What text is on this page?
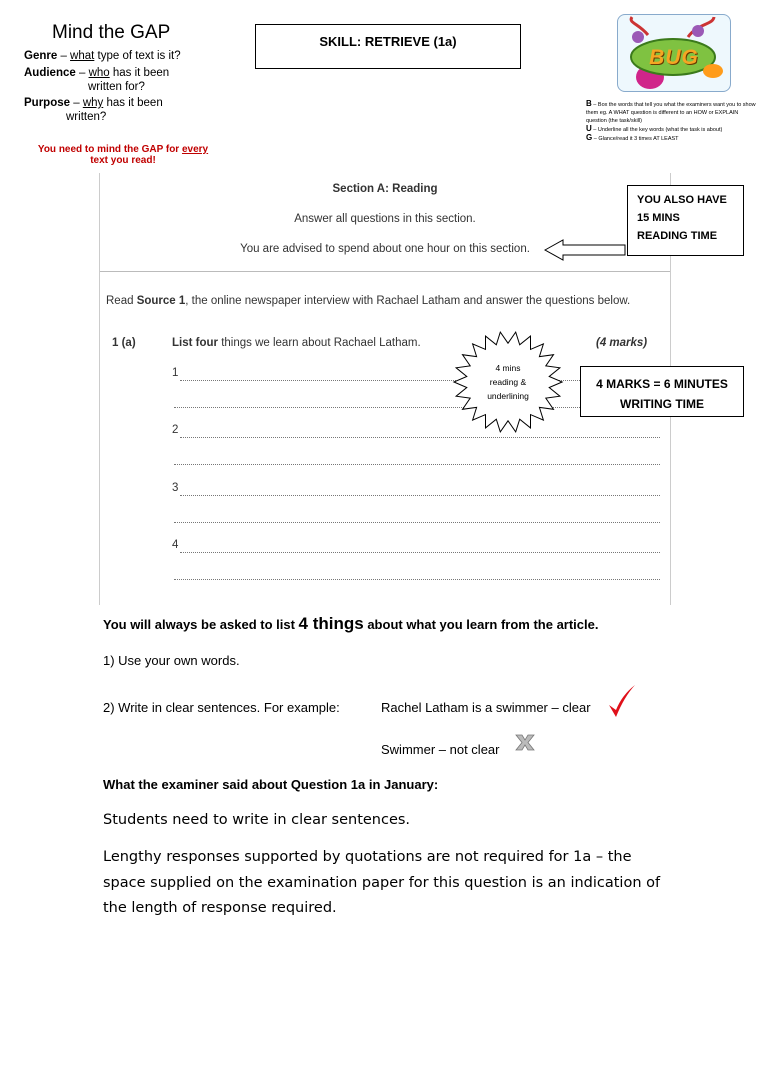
Mind the GAP
Genre – what type of text is it?
Audience – who has it been
written for?
Purpose – why has it been
written?
You need to mind the GAP for every
text you read!
SKILL: RETRIEVE (1a)
BUG
B – Box the words that tell you what the examiners want you to show them eg. A WHAT question is different to an HOW or EXPLAIN question (the task/skill)
U – Underline all the key words (what the task is about)
G – Glance/read it 3 times AT LEAST
Section A: Reading
Answer all questions in this section.
You are advised to spend about one hour on this section.
Read Source 1, the online newspaper interview with Rachael Latham and answer the questions below.
1 (a)	List four things we learn about Rachael Latham.	(4 marks)
1
2
3
4
YOU ALSO HAVE
15 MINS
READING TIME
4 mins
reading &
underlining
4 MARKS = 6 MINUTES
WRITING TIME
You will always be asked to list 4 things about what you learn from the article.
1) Use your own words.
2) Write in clear sentences. For example:	Rachel Latham is a swimmer – clear
Swimmer – not clear
What the examiner said about Question 1a in January:
Students need to write in clear sentences.
Lengthy responses supported by quotations are not required for 1a – the space supplied on the examination paper for this question is an indication of the length of response required.
